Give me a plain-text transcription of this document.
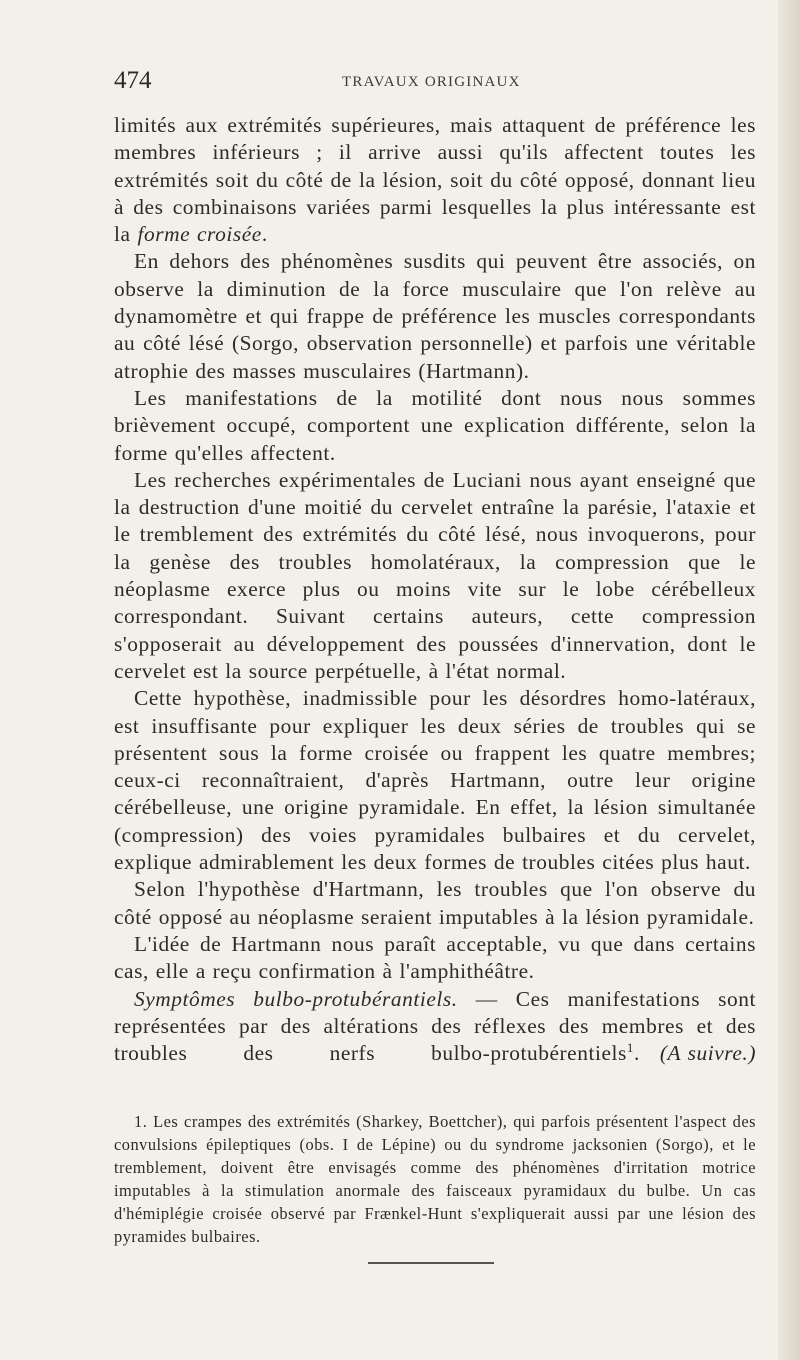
474	TRAVAUX ORIGINAUX

limités aux extrémités supérieures, mais attaquent de préférence les membres inférieurs ; il arrive aussi qu'ils affectent toutes les extrémités soit du côté de la lésion, soit du côté opposé, donnant lieu à des combinaisons variées parmi lesquelles la plus intéressante est la forme croisée.

En dehors des phénomènes susdits qui peuvent être associés, on observe la diminution de la force musculaire que l'on relève au dynamomètre et qui frappe de préférence les muscles correspondants au côté lésé (Sorgo, observation personnelle) et parfois une véritable atrophie des masses musculaires (Hartmann).

Les manifestations de la motilité dont nous nous sommes brièvement occupé, comportent une explication différente, selon la forme qu'elles affectent.

Les recherches expérimentales de Luciani nous ayant enseigné que la destruction d'une moitié du cervelet entraîne la parésie, l'ataxie et le tremblement des extrémités du côté lésé, nous invoquerons, pour la genèse des troubles homolatéraux, la compression que le néoplasme exerce plus ou moins vite sur le lobe cérébelleux correspondant. Suivant certains auteurs, cette compression s'opposerait au développement des poussées d'innervation, dont le cervelet est la source perpétuelle, à l'état normal.

Cette hypothèse, inadmissible pour les désordres homo-latéraux, est insuffisante pour expliquer les deux séries de troubles qui se présentent sous la forme croisée ou frappent les quatre membres; ceux-ci reconnaîtraient, d'après Hartmann, outre leur origine cérébelleuse, une origine pyramidale. En effet, la lésion simultanée (compression) des voies pyramidales bulbaires et du cervelet, explique admirablement les deux formes de troubles citées plus haut.

Selon l'hypothèse d'Hartmann, les troubles que l'on observe du côté opposé au néoplasme seraient imputables à la lésion pyramidale.

L'idée de Hartmann nous paraît acceptable, vu que dans certains cas, elle a reçu confirmation à l'amphithéâtre.

Symptômes bulbo-protubérantiels. — Ces manifestations sont représentées par des altérations des réflexes des membres et des troubles des nerfs bulbo-protubérentiels$^1$. (A suivre.)

1. Les crampes des extrémités (Sharkey, Boettcher), qui parfois présentent l'aspect des convulsions épileptiques (obs. I de Lépine) ou du syndrome jacksonien (Sorgo), et le tremblement, doivent être envisagés comme des phénomènes d'irritation motrice imputables à la stimulation anormale des faisceaux pyramidaux du bulbe. Un cas d'hémiplégie croisée observé par Frænkel-Hunt s'expliquerait aussi par une lésion des pyramides bulbaires.
